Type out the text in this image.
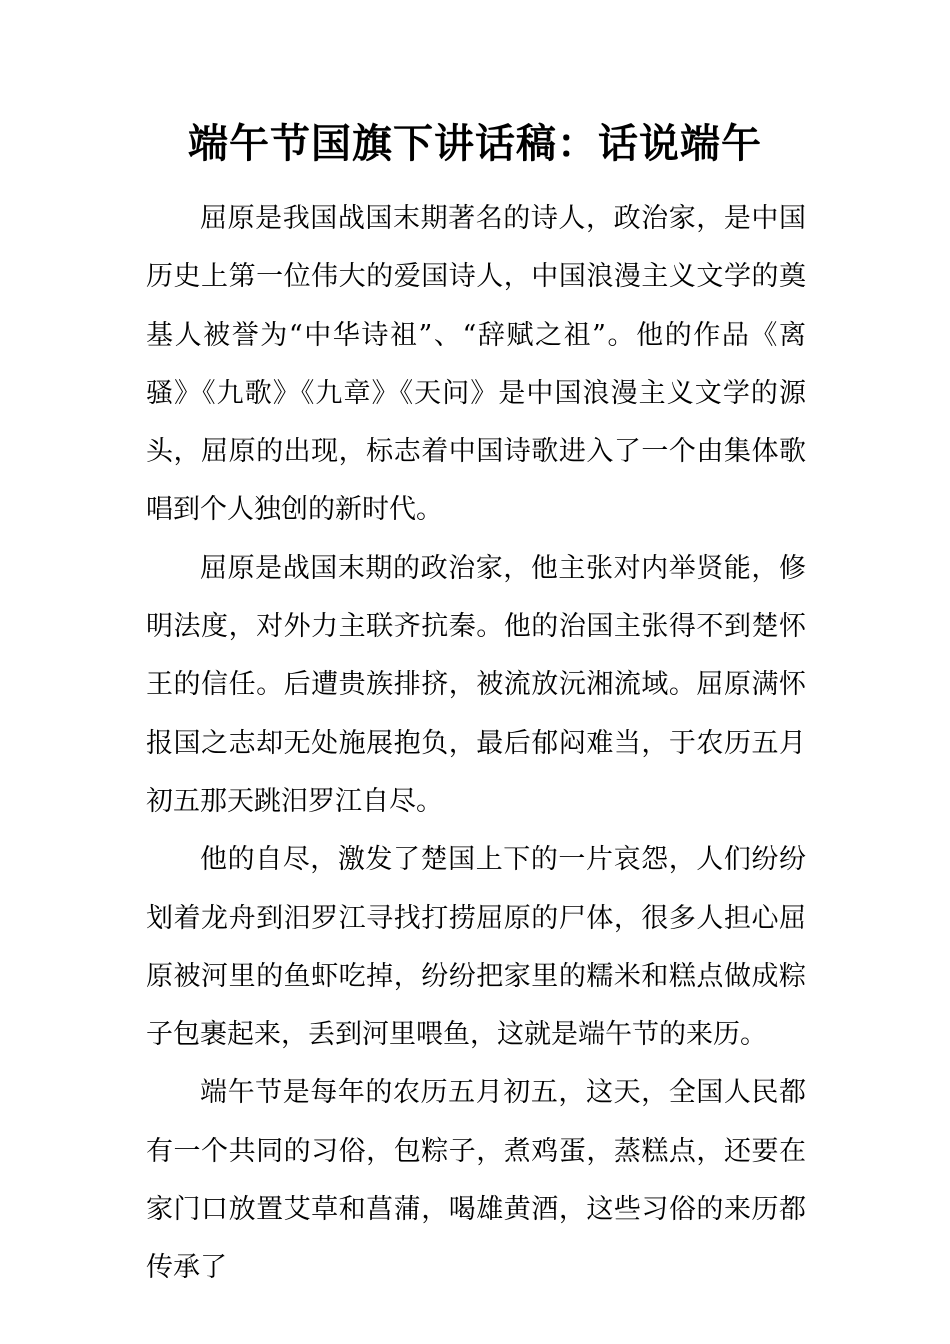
端午节国旗下讲话稿：话说端午

屈原是我国战国末期著名的诗人，政治家，是中国历史上第一位伟大的爱国诗人，中国浪漫主义文学的奠基人被誉为“中华诗祖”、“辞赋之祖”。他的作品《离骚》《九歌》《九章》《天问》是中国浪漫主义文学的源头，屈原的出现，标志着中国诗歌进入了一个由集体歌唱到个人独创的新时代。

屈原是战国末期的政治家，他主张对内举贤能，修明法度，对外力主联齐抗秦。他的治国主张得不到楚怀王的信任。后遭贵族排挤，被流放沅湘流域。屈原满怀报国之志却无处施展抱负，最后郁闷难当，于农历五月初五那天跳汨罗江自尽。

他的自尽，激发了楚国上下的一片哀怨，人们纷纷划着龙舟到汨罗江寻找打捞屈原的尸体，很多人担心屈原被河里的鱼虾吃掉，纷纷把家里的糯米和糕点做成粽子包裹起来，丢到河里喂鱼，这就是端午节的来历。

端午节是每年的农历五月初五，这天，全国人民都有一个共同的习俗，包粽子，煮鸡蛋，蒸糕点，还要在家门口放置艾草和菖蒲，喝雄黄酒，这些习俗的来历都传承了
